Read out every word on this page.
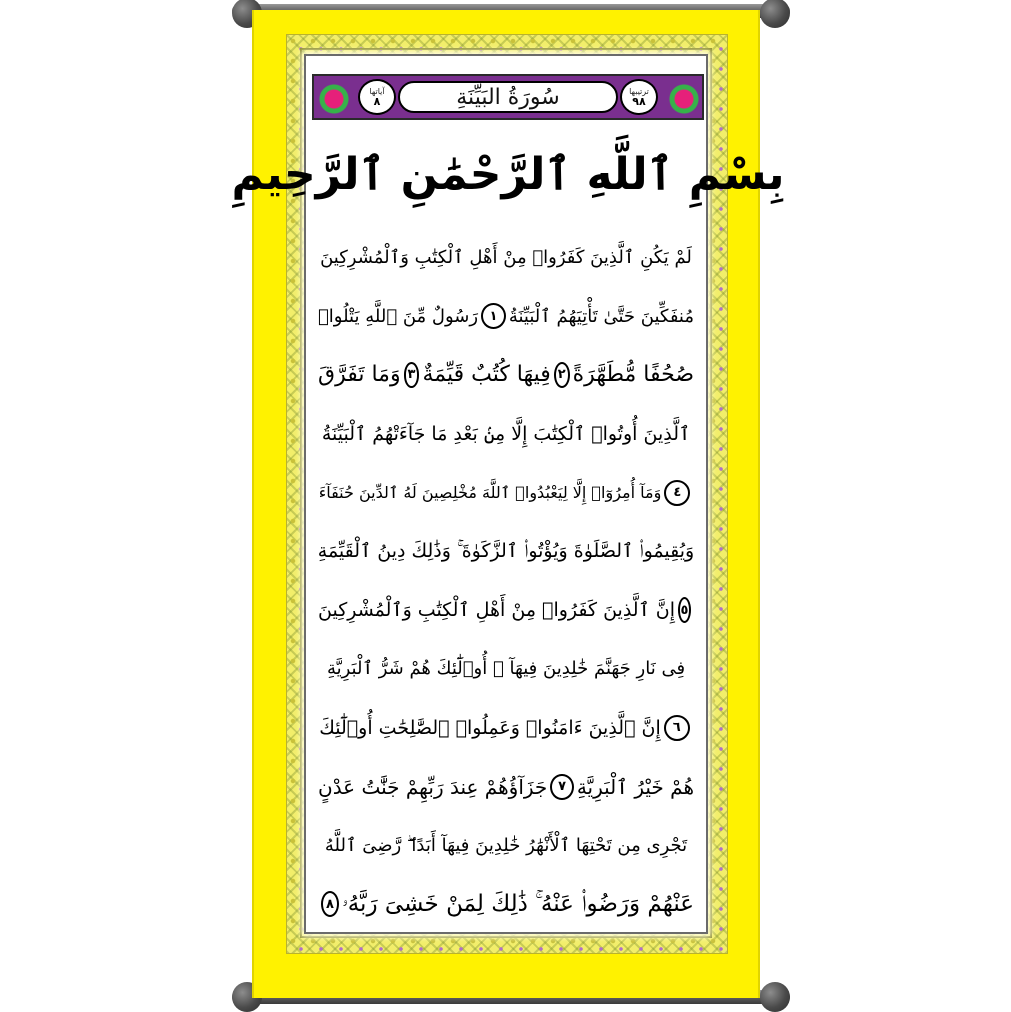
آياتها
٨	سُورَةُ البَيِّنَةِ	ترتيبها
٩٨
بِسْمِ ٱللَّهِ ٱلرَّحْمَٰنِ ٱلرَّحِيمِ
لَمْ يَكُنِ ٱلَّذِينَ كَفَرُوا۟ مِنْ أَهْلِ ٱلْكِتَٰبِ وَٱلْمُشْرِكِينَ
مُنفَكِّينَ حَتَّىٰ تَأْتِيَهُمُ ٱلْبَيِّنَةُ
١
رَسُولٌ مِّنَ ٱللَّهِ يَتْلُوا۟
صُحُفًا مُّطَهَّرَةً
٢
فِيهَا كُتُبٌ قَيِّمَةٌ
٣
وَمَا تَفَرَّقَ
ٱلَّذِينَ أُوتُوا۟ ٱلْكِتَٰبَ إِلَّا مِنۢ بَعْدِ مَا جَآءَتْهُمُ ٱلْبَيِّنَةُ
٤
وَمَآ أُمِرُوٓا۟ إِلَّا لِيَعْبُدُوا۟ ٱللَّهَ مُخْلِصِينَ لَهُ ٱلدِّينَ حُنَفَآءَ
وَيُقِيمُوا۟ ٱلصَّلَوٰةَ وَيُؤْتُوا۟ ٱلزَّكَوٰةَ ۚ وَذَٰلِكَ دِينُ ٱلْقَيِّمَةِ
٥
إِنَّ ٱلَّذِينَ كَفَرُوا۟ مِنْ أَهْلِ ٱلْكِتَٰبِ وَٱلْمُشْرِكِينَ
فِى نَارِ جَهَنَّمَ خَٰلِدِينَ فِيهَآ ۚ أُو۟لَٰٓئِكَ هُمْ شَرُّ ٱلْبَرِيَّةِ
٦
إِنَّ ٱلَّذِينَ ءَامَنُوا۟ وَعَمِلُوا۟ ٱلصَّٰلِحَٰتِ أُو۟لَٰٓئِكَ
هُمْ خَيْرُ ٱلْبَرِيَّةِ
٧
جَزَآؤُهُمْ عِندَ رَبِّهِمْ جَنَّٰتُ عَدْنٍ
تَجْرِى مِن تَحْتِهَا ٱلْأَنْهَٰرُ خَٰلِدِينَ فِيهَآ أَبَدًا ۖ رَّضِىَ ٱللَّهُ
عَنْهُمْ وَرَضُوا۟ عَنْهُ ۚ ذَٰلِكَ لِمَنْ خَشِىَ رَبَّهُۥ
٨
